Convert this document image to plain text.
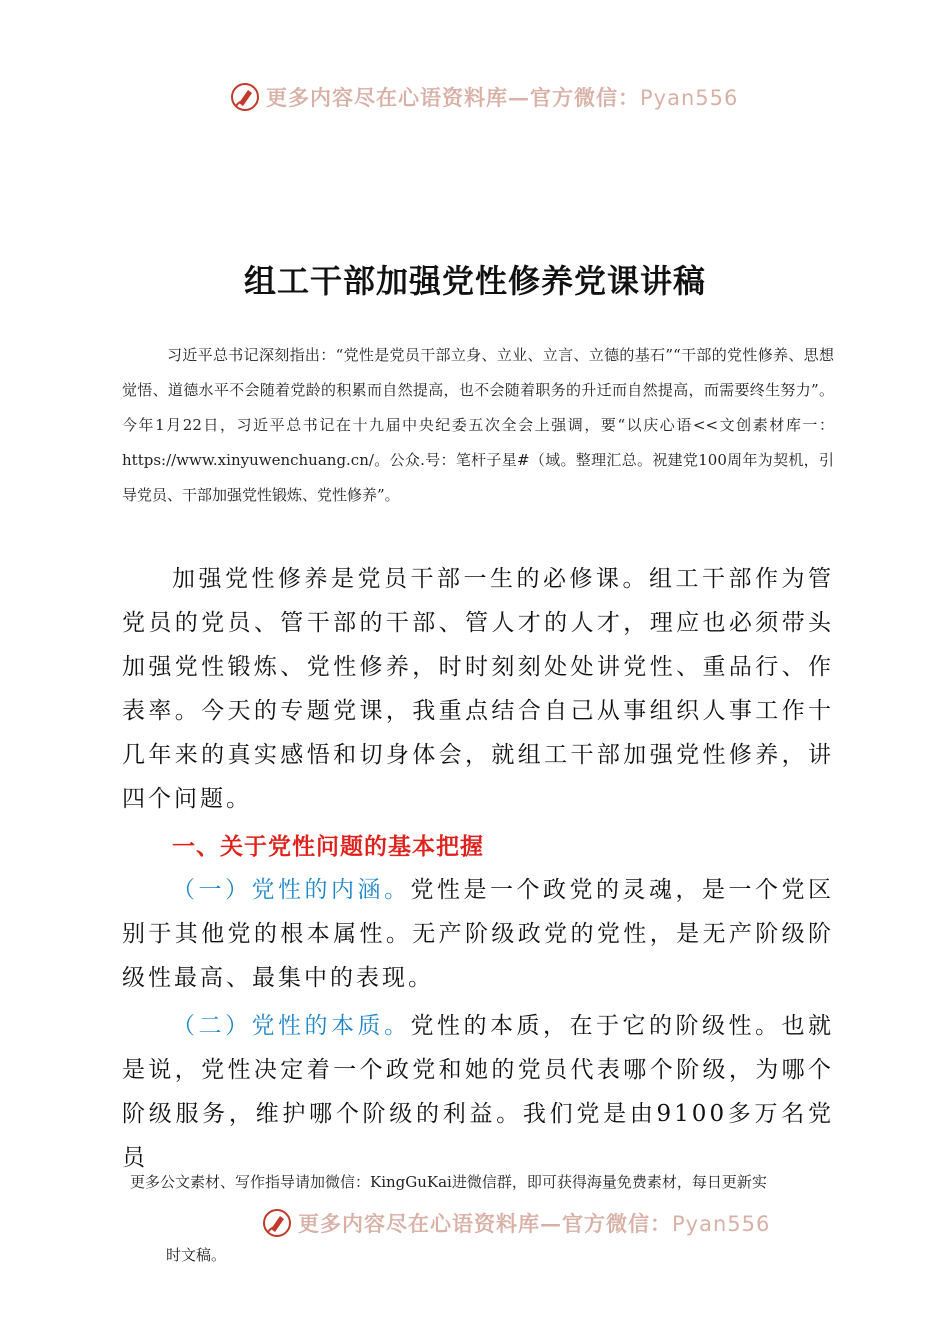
更多内容尽在心语资料库—官方微信：Pyan556
组工干部加强党性修养党课讲稿
习近平总书记深刻指出：“党性是党员干部立身、立业、立言、立德的基石”“干部的党性修养、思想觉悟、道德水平不会随着党龄的积累而自然提高，也不会随着职务的升迁而自然提高，而需要终生努力”。今年1月22日，习近平总书记在十九届中央纪委五次全会上强调，要“以庆心语<<文创素材库一：https://www.xinyuwenchuang.cn/。公众.号：笔杆子星#（域。整理汇总。祝建党100周年为契机，引导党员、干部加强党性锻炼、党性修养”。
加强党性修养是党员干部一生的必修课。组工干部作为管党员的党员、管干部的干部、管人才的人才，理应也必须带头加强党性锻炼、党性修养，时时刻刻处处讲党性、重品行、作表率。今天的专题党课，我重点结合自己从事组织人事工作十几年来的真实感悟和切身体会，就组工干部加强党性修养，讲四个问题。
一、关于党性问题的基本把握
（一）党性的内涵。党性是一个政党的灵魂，是一个党区别于其他党的根本属性。无产阶级政党的党性，是无产阶级阶级性最高、最集中的表现。
（二）党性的本质。党性的本质，在于它的阶级性。也就是说，党性决定着一个政党和她的党员代表哪个阶级，为哪个阶级服务，维护哪个阶级的利益。我们党是由9100多万名党员
更多公文素材、写作指导请加微信：KingGuKai进微信群，即可获得海量免费素材，每日更新实
更多内容尽在心语资料库—官方微信：Pyan556
时文稿。
